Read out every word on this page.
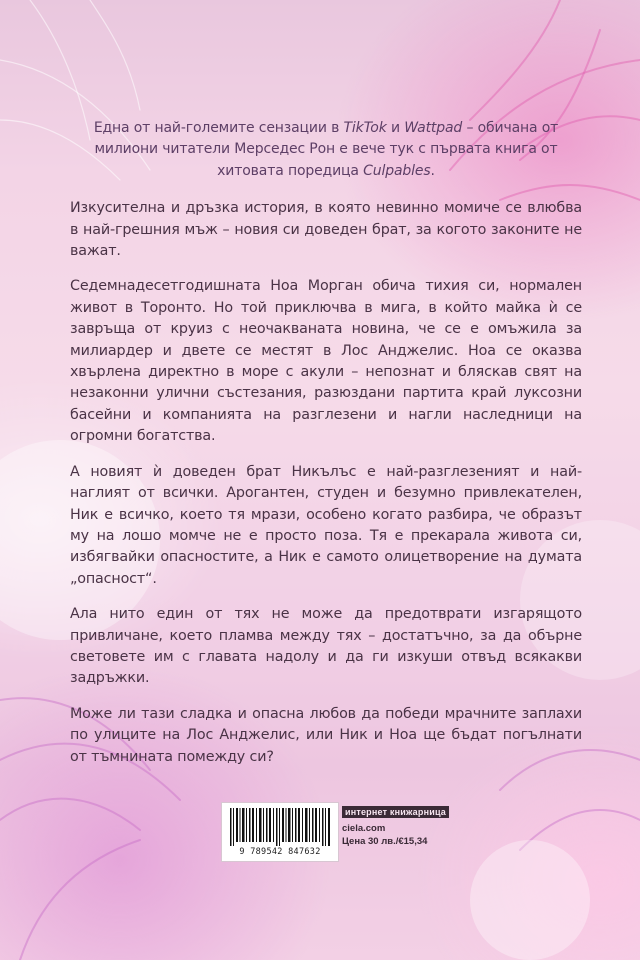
Една от най-големите сензации в TikTok и Wattpad – обичана от милиони читатели Мерседес Рон е вече тук с първата книга от хитовата поредица Culpables.

Изкусителна и дръзка история, в която невинно момиче се влюбва в най-грешния мъж – новия си доведен брат, за когото законите не важат.

Седемнадесетгодишната Ноа Морган обича тихия си, нормален живот в Торонто. Но той приключва в мига, в който майка ѝ се завръща от круиз с неочакваната новина, че се е омъжила за милиардер и двете се местят в Лос Анджелис. Ноа се оказва хвърлена директно в море с акули – непознат и бляскав свят на незаконни улични състезания, разюздани партита край луксозни басейни и компанията на разглезени и нагли наследници на огромни богатства.

А новият ѝ доведен брат Никълъс е най-разглезеният и най-наглият от всички. Арогантен, студен и безумно привлекателен, Ник е всичко, което тя мрази, особено когато разбира, че образът му на лошо момче не е просто поза. Тя е прекарала живота си, избягвайки опасностите, а Ник е самото олицетворение на думата „опасност“.

Ала нито един от тях не може да предотврати изгарящото привличане, което пламва между тях – достатъчно, за да обърне световете им с главата надолу и да ги изкуши отвъд всякакви задръжки.

Може ли тази сладка и опасна любов да победи мрачните заплахи по улиците на Лос Анджелис, или Ник и Ноа ще бъдат погълнати от тъмнината помежду си?

9 789542 847632
интернет книжарница
ciela.com
Цена 30 лв./€15,34
